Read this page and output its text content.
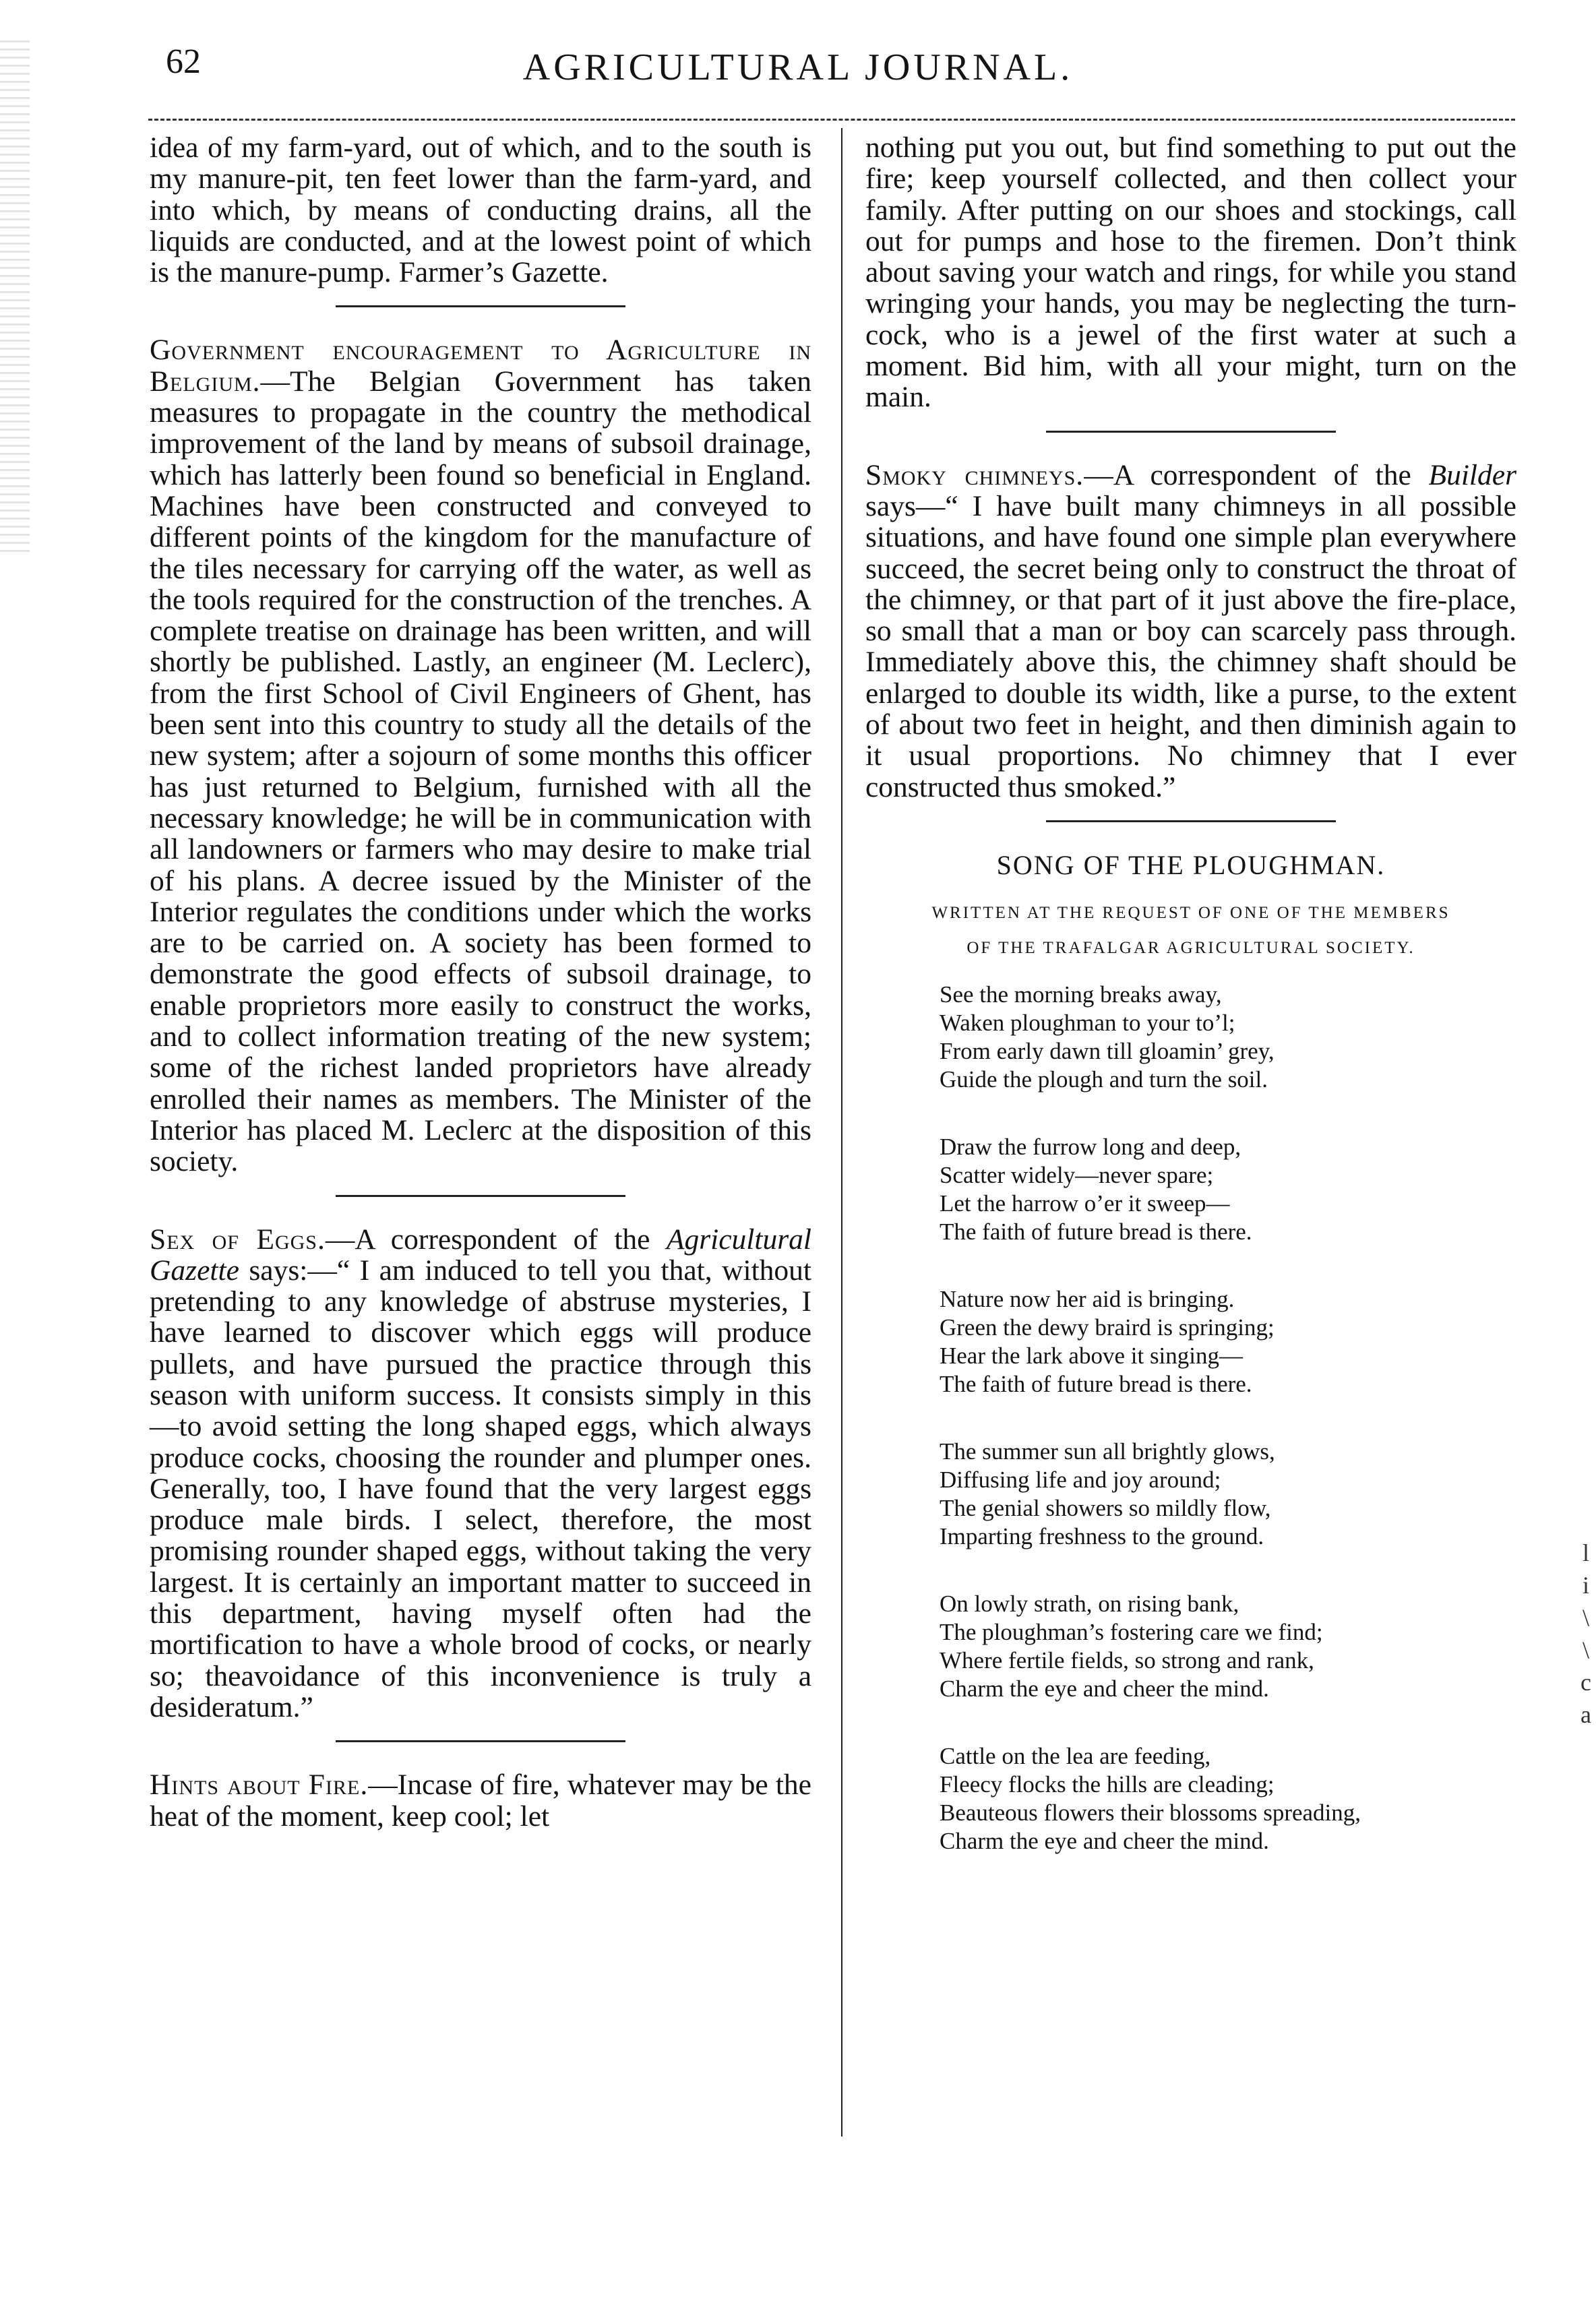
62	AGRICULTURAL JOURNAL.

idea of my farm-yard, out of which, and to the south is my manure-pit, ten feet lower than the farm-yard, and into which, by means of conducting drains, all the liquids are conducted, and at the lowest point of which is the manure-pump. Farmer’s Gazette.

Government encouragement to Agriculture in Belgium.—The Belgian Government has taken measures to propagate in the country the methodical improvement of the land by means of subsoil drainage, which has latterly been found so beneficial in England. Machines have been constructed and conveyed to different points of the kingdom for the manufacture of the tiles necessary for carrying off the water, as well as the tools required for the construction of the trenches. A complete treatise on drainage has been written, and will shortly be published. Lastly, an engineer (M. Leclerc), from the first School of Civil Engineers of Ghent, has been sent into this country to study all the details of the new system; after a sojourn of some months this officer has just returned to Belgium, furnished with all the necessary knowledge; he will be in communication with all landowners or farmers who may desire to make trial of his plans. A decree issued by the Minister of the Interior regulates the conditions under which the works are to be carried on. A society has been formed to demonstrate the good effects of subsoil drainage, to enable proprietors more easily to construct the works, and to collect information treating of the new system; some of the richest landed proprietors have already enrolled their names as members. The Minister of the Interior has placed M. Leclerc at the disposition of this society.

Sex of Eggs.—A correspondent of the Agricultural Gazette says:—“ I am induced to tell you that, without pretending to any knowledge of abstruse mysteries, I have learned to discover which eggs will produce pullets, and have pursued the practice through this season with uniform success. It consists simply in this—to avoid setting the long shaped eggs, which always produce cocks, choosing the rounder and plumper ones. Generally, too, I have found that the very largest eggs produce male birds. I select, therefore, the most promising rounder shaped eggs, without taking the very largest. It is certainly an important matter to succeed in this department, having myself often had the mortification to have a whole brood of cocks, or nearly so; theavoidance of this inconvenience is truly a desideratum.”

Hints about Fire.—Incase of fire, whatever may be the heat of the moment, keep cool; let

nothing put you out, but find something to put out the fire; keep yourself collected, and then collect your family. After putting on our shoes and stockings, call out for pumps and hose to the firemen. Don’t think about saving your watch and rings, for while you stand wringing your hands, you may be neglecting the turn-cock, who is a jewel of the first water at such a moment. Bid him, with all your might, turn on the main.

Smoky chimneys.—A correspondent of the Builder says—“ I have built many chimneys in all possible situations, and have found one simple plan everywhere succeed, the secret being only to construct the throat of the chimney, or that part of it just above the fire-place, so small that a man or boy can scarcely pass through. Immediately above this, the chimney shaft should be enlarged to double its width, like a purse, to the extent of about two feet in height, and then diminish again to it usual proportions. No chimney that I ever constructed thus smoked.”

SONG OF THE PLOUGHMAN.
WRITTEN AT THE REQUEST OF ONE OF THE MEMBERS
OF THE TRAFALGAR AGRICULTURAL SOCIETY.
See the morning breaks away,
Waken ploughman to your to’l;
From early dawn till gloamin’ grey,
Guide the plough and turn the soil.
Draw the furrow long and deep,
Scatter widely—never spare;
Let the harrow o’er it sweep—
The faith of future bread is there.
Nature now her aid is bringing.
Green the dewy braird is springing;
Hear the lark above it singing—
The faith of future bread is there.
The summer sun all brightly glows,
Diffusing life and joy around;
The genial showers so mildly flow,
Imparting freshness to the ground.
On lowly strath, on rising bank,
The ploughman’s fostering care we find;
Where fertile fields, so strong and rank,
Charm the eye and cheer the mind.
Cattle on the lea are feeding,
Fleecy flocks the hills are cleading;
Beauteous flowers their blossoms spreading,
Charm the eye and cheer the mind.
l
i
\
\
c
a
